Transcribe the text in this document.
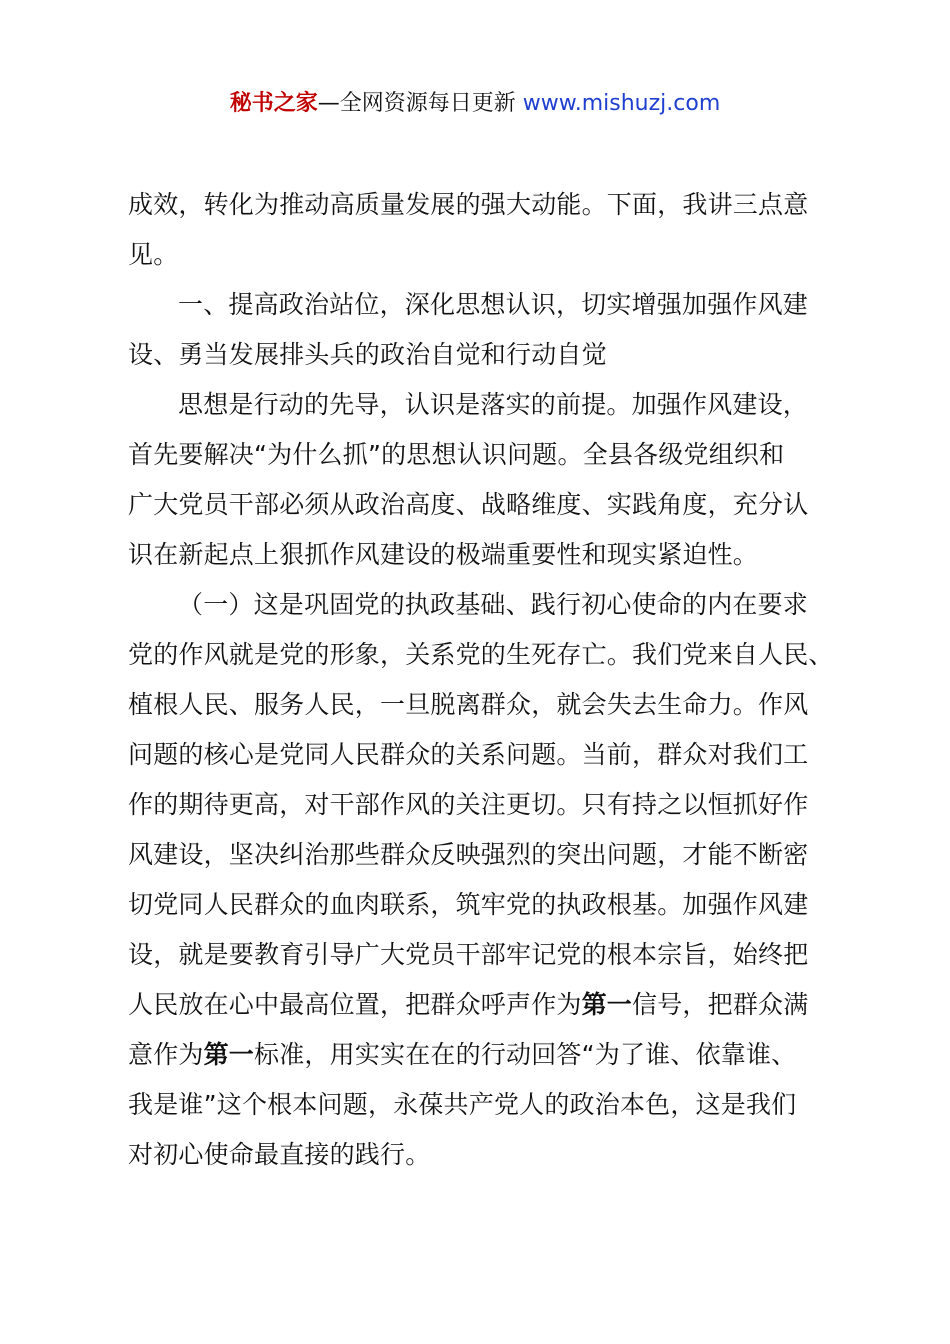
秘书之家—全网资源每日更新 www.mishuzj.com
成效，转化为推动高质量发展的强大动能。下面，我讲三点意
见。
一、提高政治站位，深化思想认识，切实增强加强作风建
设、勇当发展排头兵的政治自觉和行动自觉
思想是行动的先导，认识是落实的前提。加强作风建设，
首先要解决“为什么抓”的思想认识问题。全县各级党组织和
广大党员干部必须从政治高度、战略维度、实践角度，充分认
识在新起点上狠抓作风建设的极端重要性和现实紧迫性。
（一）这是巩固党的执政基础、践行初心使命的内在要求
党的作风就是党的形象，关系党的生死存亡。我们党来自人民、
植根人民、服务人民，一旦脱离群众，就会失去生命力。作风
问题的核心是党同人民群众的关系问题。当前，群众对我们工
作的期待更高，对干部作风的关注更切。只有持之以恒抓好作
风建设，坚决纠治那些群众反映强烈的突出问题，才能不断密
切党同人民群众的血肉联系，筑牢党的执政根基。加强作风建
设，就是要教育引导广大党员干部牢记党的根本宗旨，始终把
人民放在心中最高位置，把群众呼声作为第一信号，把群众满
意作为第一标准，用实实在在的行动回答“为了谁、依靠谁、
我是谁”这个根本问题，永葆共产党人的政治本色，这是我们
对初心使命最直接的践行。
